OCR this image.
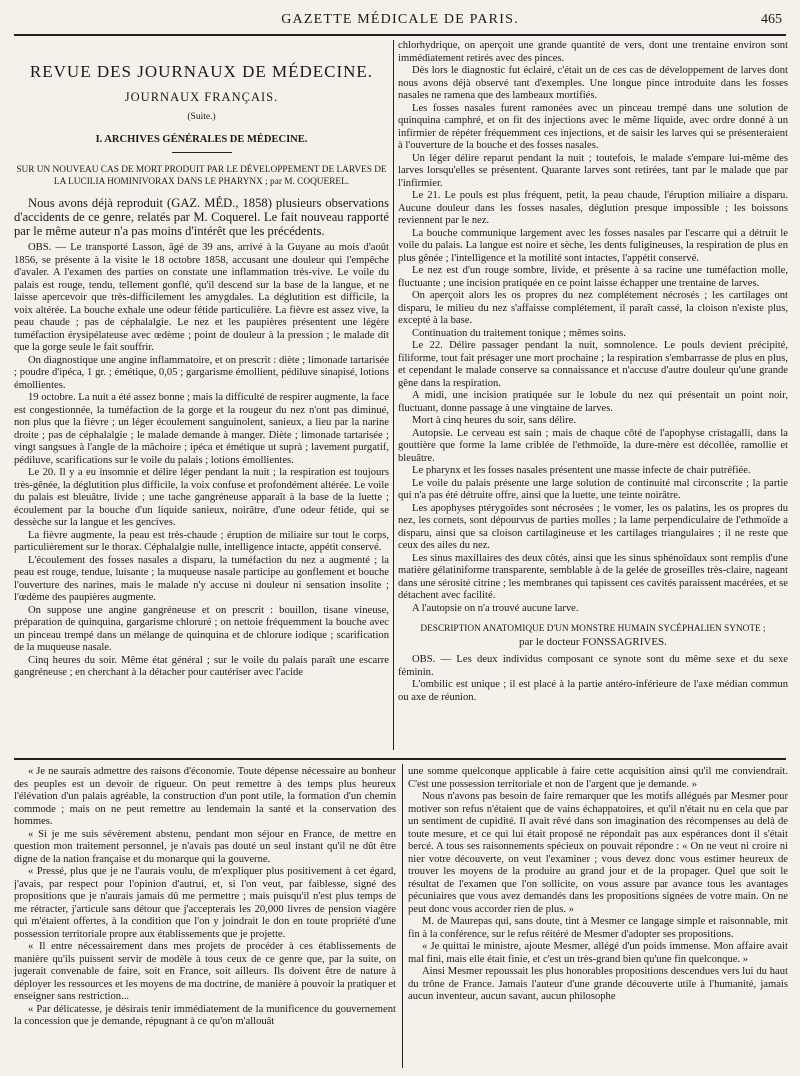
GAZETTE MÉDICALE DE PARIS.	465
REVUE DES JOURNAUX DE MÉDECINE.
JOURNAUX FRANÇAIS.
(Suite.)
I. ARCHIVES GÉNÉRALES DE MÉDECINE.
SUR UN NOUVEAU CAS DE MORT PRODUIT PAR LE DÉVELOPPEMENT DE LARVES DE LA LUCILIA HOMINIVORAX DANS LE PHARYNX ; par M. COQUEREL.

Nous avons déjà reproduit (GAZ. MÉD., 1858) plusieurs observations d'accidents de ce genre, relatés par M. Coquerel. Le fait nouveau rapporté par le même auteur n'a pas moins d'intérêt que les précédents.

OBS. — Le transporté Lasson, âgé de 39 ans, arrivé à la Guyane au mois d'août 1856, se présente à la visite le 18 octobre 1858, accusant une douleur qui l'empêche d'avaler. A l'examen des parties on constate une inflammation très-vive. Le voile du palais est rouge, tendu, tellement gonflé, qu'il descend sur la base de la langue, et ne laisse apercevoir que très-difficilement les amygdales. La déglutition est difficile, la voix altérée. La bouche exhale une odeur fétide particulière. La fièvre est assez vive, la peau chaude ; pas de céphalalgie. Le nez et les paupières présentent une légère tuméfaction érysipélateuse avec œdème ; point de douleur à la pression ; le malade dit que la gorge seule le fait souffrir.

On diagnostique une angine inflammatoire, et on prescrit : diète ; limonade tartarisée ; poudre d'ipéca, 1 gr. ; émétique, 0,05 ; gargarisme émollient, pédiluve sinapisé, lotions émollientes.

19 octobre. La nuit a été assez bonne ; mais la difficulté de respirer augmente, la face est congestionnée, la tuméfaction de la gorge et la rougeur du nez n'ont pas diminué, non plus que la fièvre ; un léger écoulement sanguinolent, sanieux, a lieu par la narine droite ; pas de céphalalgie ; le malade demande à manger. Diète ; limonade tartarisée ; vingt sangsues à l'angle de la mâchoire ; ipéca et émétique ut suprà ; lavement purgatif, pédiluve, scarifications sur le voile du palais ; lotions émollientes.

Le 20. Il y a eu insomnie et délire léger pendant la nuit ; la respiration est toujours très-gênée, la déglutition plus difficile, la voix confuse et profondément altérée. Le voile du palais est bleuâtre, livide ; une tache gangréneuse apparaît à la base de la luette ; écoulement par la bouche d'un liquide sanieux, noirâtre, d'une odeur fétide, qui se dessèche sur la langue et les gencives.

La fièvre augmente, la peau est très-chaude ; éruption de miliaire sur tout le corps, particulièrement sur le thorax. Céphalalgie nulle, intelligence intacte, appétit conservé.

L'écoulement des fosses nasales a disparu, la tuméfaction du nez a augmenté ; la peau est rouge, tendue, luisante ; la muqueuse nasale participe au gonflement et bouche l'ouverture des narines, mais le malade n'y accuse ni douleur ni sensation insolite ; l'œdème des paupières augmente.

On suppose une angine gangréneuse et on prescrit : bouillon, tisane vineuse, préparation de quinquina, gargarisme chloruré ; on nettoie fréquemment la bouche avec un pinceau trempé dans un mélange de quinquina et de chlorure iodique ; scarification de la muqueuse nasale.

Cinq heures du soir. Même état général ; sur le voile du palais paraît une escarre gangréneuse ; en cherchant à la détacher pour cautériser avec l'acide

chlorhydrique, on aperçoit une grande quantité de vers, dont une trentaine environ sont immédiatement retirés avec des pinces.

Dès lors le diagnostic fut éclairé, c'était un de ces cas de développement de larves dont nous avons déjà observé tant d'exemples. Une longue pince introduite dans les fosses nasales ne ramena que des lambeaux mortifiés.

Les fosses nasales furent ramonées avec un pinceau trempé dans une solution de quinquina camphré, et on fit des injections avec le même liquide, avec ordre donné à un infirmier de répéter fréquemment ces injections, et de saisir les larves qui se présenteraient à l'ouverture de la bouche et des fosses nasales.

Un léger délire reparut pendant la nuit ; toutefois, le malade s'empare lui-même des larves lorsqu'elles se présentent. Quarante larves sont retirées, tant par le malade que par l'infirmier.

Le 21. Le pouls est plus fréquent, petit, la peau chaude, l'éruption miliaire a disparu. Aucune douleur dans les fosses nasales, déglution presque impossible ; les boissons reviennent par le nez.

La bouche communique largement avec les fosses nasales par l'escarre qui a détruit le voile du palais. La langue est noire et sèche, les dents fuligineuses, la respiration de plus en plus gênée ; l'intelligence et la motilité sont intactes, l'appétit conservé.

Le nez est d'un rouge sombre, livide, et présente à sa racine une tuméfaction molle, fluctuante ; une incision pratiquée en ce point laisse échapper une trentaine de larves.

On aperçoit alors les os propres du nez complétement nécrosés ; les cartilages ont disparu, le milieu du nez s'affaisse complétement, il paraît cassé, la cloison n'existe plus, excepté à la base.

Continuation du traitement tonique ; mêmes soins.

Le 22. Délire passager pendant la nuit, somnolence. Le pouls devient précipité, filiforme, tout fait présager une mort prochaine ; la respiration s'embarrasse de plus en plus, et cependant le malade conserve sa connaissance et n'accuse d'autre douleur qu'une grande gêne dans la respiration.

A midi, une incision pratiquée sur le lobule du nez qui présentait un point noir, fluctuant, donne passage à une vingtaine de larves.

Mort à cinq heures du soir, sans délire.

Autopsie. Le cerveau est sain ; mais de chaque côté de l'apophyse cristagalli, dans la gouttière que forme la lame criblée de l'ethmoïde, la dure-mère est décollée, ramollie et bleuâtre.

Le pharynx et les fosses nasales présentent une masse infecte de chair putréfiée.

Le voile du palais présente une large solution de continuité mal circonscrite ; la partie qui n'a pas été détruite offre, ainsi que la luette, une teinte noirâtre.

Les apophyses ptérygoïdes sont nécrosées ; le vomer, les os palatins, les os propres du nez, les cornets, sont dépourvus de parties molles ; la lame perpendiculaire de l'ethmoïde a disparu, ainsi que sa cloison cartilagineuse et les cartilages triangulaires ; il ne reste que ceux des ailes du nez.

Les sinus maxillaires des deux côtés, ainsi que les sinus sphénoïdaux sont remplis d'une matière gélatiniforme transparente, semblable à de la gelée de groseilles très-claire, nageant dans une sérosité citrine ; les membranes qui tapissent ces cavités paraissent macérées, et se détachent avec facilité.

A l'autopsie on n'a trouvé aucune larve.

DESCRIPTION ANATOMIQUE D'UN MONSTRE HUMAIN SYCÉPHALIEN SYNOTE ;
par le docteur FONSSAGRIVES.

OBS. — Les deux individus composant ce synote sont du même sexe et du sexe féminin.

L'ombilic est unique ; il est placé à la partie antéro-inférieure de l'axe médian commun ou axe de réunion.

« Je ne saurais admettre des raisons d'économie. Toute dépense nécessaire au bonheur des peuples est un devoir de rigueur. On peut remettre à des temps plus heureux l'élévation d'un palais agréable, la construction d'un pont utile, la formation d'un chemin commode ; mais on ne peut remettre au lendemain la santé et la conservation des hommes.

« Si je me suis sévèrement abstenu, pendant mon séjour en France, de mettre en question mon traitement personnel, je n'avais pas douté un seul instant qu'il ne dût être digne de la nation française et du monarque qui la gouverne.

« Pressé, plus que je ne l'aurais voulu, de m'expliquer plus positivement à cet égard, j'avais, par respect pour l'opinion d'autrui, et, si l'on veut, par faiblesse, signé des propositions que je n'aurais jamais dû me permettre ; mais puisqu'il n'est plus temps de me rétracter, j'articule sans détour que j'accepterais les 20,000 livres de pension viagère qui m'étaient offertes, à la condition que l'on y joindrait le don en toute propriété d'une possession territoriale propre aux établissements que je projette.

« Il entre nécessairement dans mes projets de procéder à ces établissements de manière qu'ils puissent servir de modèle à tous ceux de ce genre que, par la suite, on jugerait convenable de faire, soit en France, soit ailleurs. Ils doivent être de nature à déployer les ressources et les moyens de ma doctrine, de manière à pouvoir la pratiquer et enseigner sans restriction...

« Par délicatesse, je désirais tenir immédiatement de la munificence du gouvernement la concession que je demande, répugnant à ce qu'on m'allouât

une somme quelconque applicable à faire cette acquisition ainsi qu'il me conviendrait. C'est une possession territoriale et non de l'argent que je demande. »

Nous n'avons pas besoin de faire remarquer que les motifs allégués par Mesmer pour motiver son refus n'étaient que de vains échappatoires, et qu'il n'était nu en cela que par un sentiment de cupidité. Il avait rêvé dans son imagination des récompenses au delà de toute mesure, et ce qui lui était proposé ne répondait pas aux espérances dont il s'était bercé. A tous ses raisonnements spécieux on pouvait répondre : « On ne veut ni croire ni nier votre découverte, on veut l'examiner ; vous devez donc vous estimer heureux de trouver les moyens de la produire au grand jour et de la propager. Quel que soit le résultat de l'examen que l'on sollicite, on vous assure par avance tous les avantages pécuniaires que vous avez demandés dans les propositions signées de votre main. On ne peut donc vous accorder rien de plus. »

M. de Maurepas qui, sans doute, tint à Mesmer ce langage simple et raisonnable, mit fin à la conférence, sur le refus réitéré de Mesmer d'adopter ses propositions.

« Je quittai le ministre, ajoute Mesmer, allégé d'un poids immense. Mon affaire avait mal fini, mais elle était finie, et c'est un très-grand bien qu'une fin quelconque. »

Ainsi Mesmer repoussait les plus honorables propositions descendues vers lui du haut du trône de France. Jamais l'auteur d'une grande découverte utile à l'humanité, jamais aucun inventeur, aucun savant, aucun philosophe
